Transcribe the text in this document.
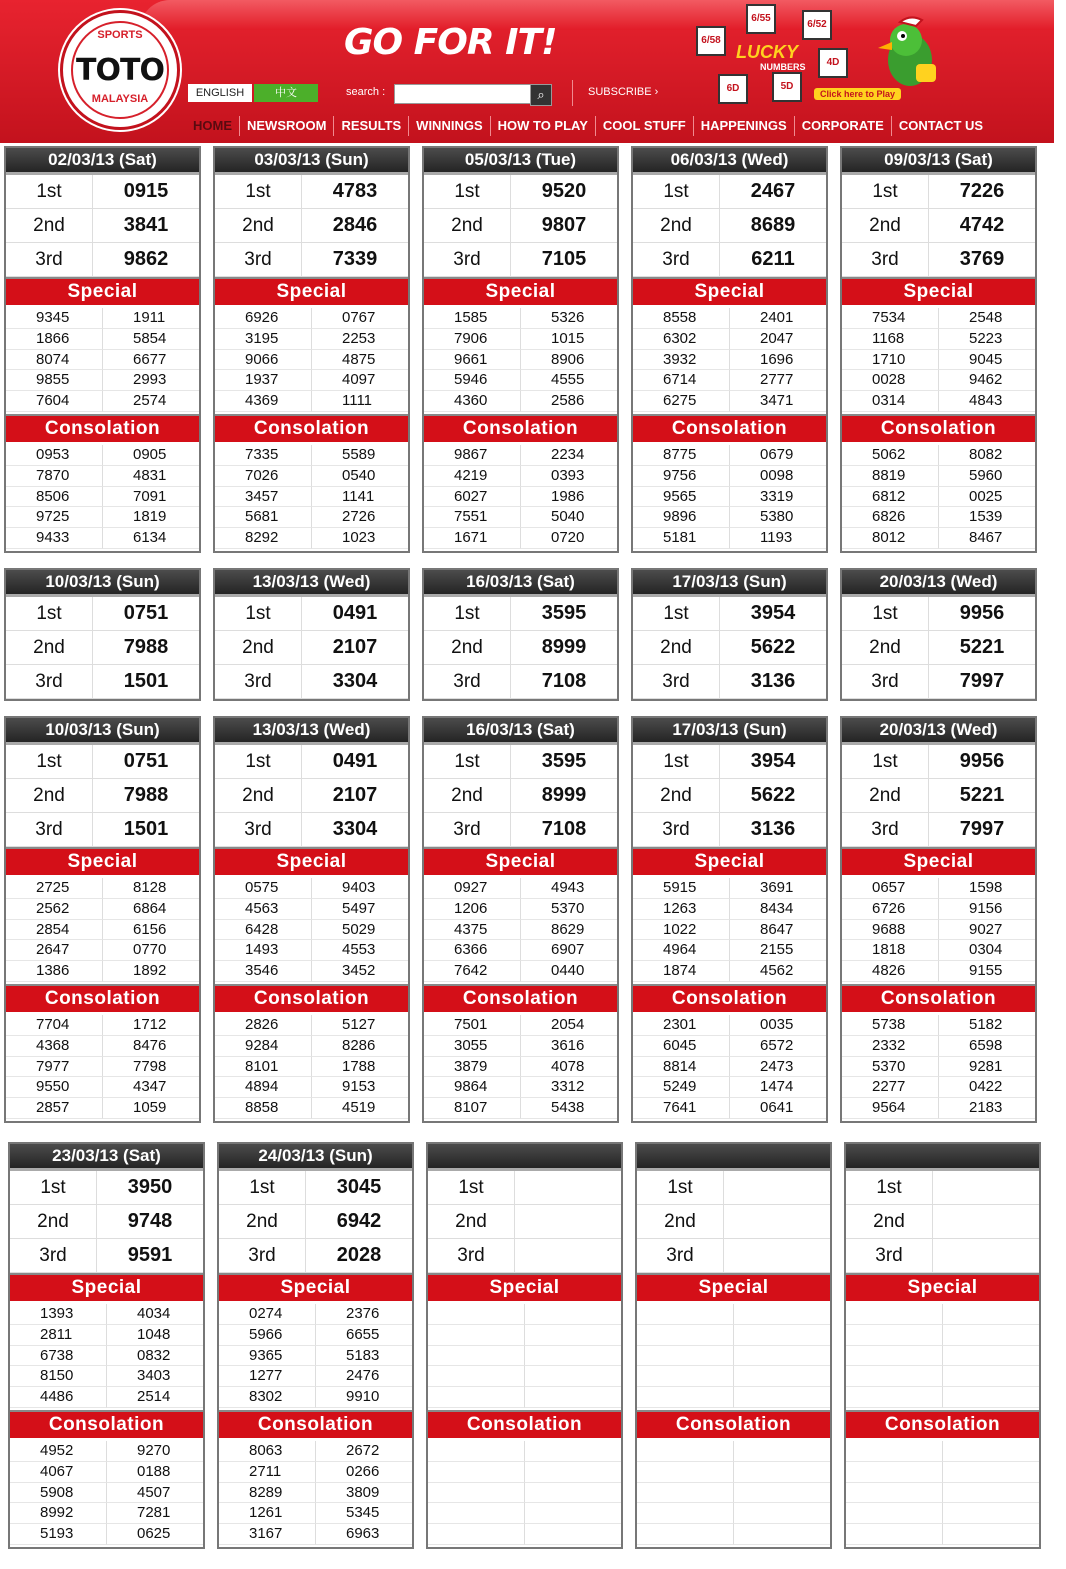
SPORTS
TOTO
MALAYSIA
GO FOR IT!
ENGLISH	中文	search :	⌕	SUBSCRIBE ›
6/58
6/55
6/52
4D
6D	5D
LUCKY
NUMBERS
Click here to Play
HOME	NEWSROOM	RESULTS	WINNINGS	HOW TO PLAY	COOL STUFF	HAPPENINGS	CORPORATE	CONTACT US
02/03/13 (Sat)
1st	0915
2nd	3841
3rd	9862
Special
9345	1911
1866	5854
8074	6677
9855	2993
7604	2574
Consolation
0953	0905
7870	4831
8506	7091
9725	1819
9433	6134
03/03/13 (Sun)
1st	4783
2nd	2846
3rd	7339
Special
6926	0767
3195	2253
9066	4875
1937	4097
4369	1111
Consolation
7335	5589
7026	0540
3457	1141
5681	2726
8292	1023
05/03/13 (Tue)
1st	9520
2nd	9807
3rd	7105
Special
1585	5326
7906	1015
9661	8906
5946	4555
4360	2586
Consolation
9867	2234
4219	0393
6027	1986
7551	5040
1671	0720
06/03/13 (Wed)
1st	2467
2nd	8689
3rd	6211
Special
8558	2401
6302	2047
3932	1696
6714	2777
6275	3471
Consolation
8775	0679
9756	0098
9565	3319
9896	5380
5181	1193
09/03/13 (Sat)
1st	7226
2nd	4742
3rd	3769
Special
7534	2548
1168	5223
1710	9045
0028	9462
0314	4843
Consolation
5062	8082
8819	5960
6812	0025
6826	1539
8012	8467
10/03/13 (Sun)
1st	0751
2nd	7988
3rd	1501
13/03/13 (Wed)
1st	0491
2nd	2107
3rd	3304
16/03/13 (Sat)
1st	3595
2nd	8999
3rd	7108
17/03/13 (Sun)
1st	3954
2nd	5622
3rd	3136
20/03/13 (Wed)
1st	9956
2nd	5221
3rd	7997
10/03/13 (Sun)
1st	0751
2nd	7988
3rd	1501
Special
2725	8128
2562	6864
2854	6156
2647	0770
1386	1892
Consolation
7704	1712
4368	8476
7977	7798
9550	4347
2857	1059
13/03/13 (Wed)
1st	0491
2nd	2107
3rd	3304
Special
0575	9403
4563	5497
6428	5029
1493	4553
3546	3452
Consolation
2826	5127
9284	8286
8101	1788
4894	9153
8858	4519
16/03/13 (Sat)
1st	3595
2nd	8999
3rd	7108
Special
0927	4943
1206	5370
4375	8629
6366	6907
7642	0440
Consolation
7501	2054
3055	3616
3879	4078
9864	3312
8107	5438
17/03/13 (Sun)
1st	3954
2nd	5622
3rd	3136
Special
5915	3691
1263	8434
1022	8647
4964	2155
1874	4562
Consolation
2301	0035
6045	6572
8814	2473
5249	1474
7641	0641
20/03/13 (Wed)
1st	9956
2nd	5221
3rd	7997
Special
0657	1598
6726	9156
9688	9027
1818	0304
4826	9155
Consolation
5738	5182
2332	6598
5370	9281
2277	0422
9564	2183
23/03/13 (Sat)
1st	3950
2nd	9748
3rd	9591
Special
1393	4034
2811	1048
6738	0832
8150	3403
4486	2514
Consolation
4952	9270
4067	0188
5908	4507
8992	7281
5193	0625
24/03/13 (Sun)
1st	3045
2nd	6942
3rd	2028
Special
0274	2376
5966	6655
9365	5183
1277	2476
8302	9910
Consolation
8063	2672
2711	0266
8289	3809
1261	5345
3167	6963
1st
2nd
3rd
Special
Consolation
1st
2nd
3rd
Special
Consolation
1st
2nd
3rd
Special
Consolation
